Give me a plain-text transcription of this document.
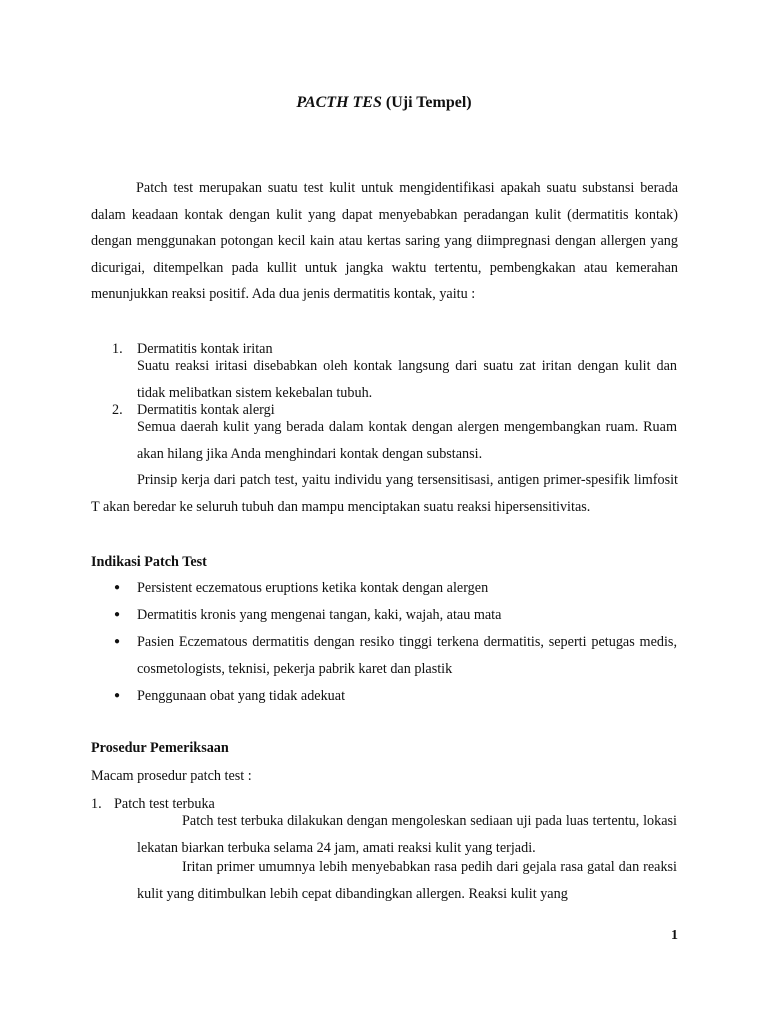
PACTH TES (Uji Tempel)
Patch test merupakan suatu test kulit untuk mengidentifikasi apakah suatu substansi berada dalam keadaan kontak dengan kulit yang dapat menyebabkan peradangan kulit (dermatitis kontak) dengan menggunakan potongan kecil kain atau kertas saring yang diimpregnasi dengan allergen yang dicurigai, ditempelkan pada kullit untuk jangka waktu tertentu, pembengkakan atau kemerahan menunjukkan reaksi positif. Ada dua jenis dermatitis kontak, yaitu :
1. Dermatitis kontak iritan
Suatu reaksi iritasi disebabkan oleh kontak langsung dari suatu zat iritan dengan kulit dan tidak melibatkan sistem kekebalan tubuh.
2. Dermatitis kontak alergi
Semua daerah kulit yang berada dalam kontak dengan alergen mengembangkan ruam. Ruam akan hilang jika Anda menghindari kontak dengan substansi.
Prinsip kerja dari patch test, yaitu individu yang tersensitisasi, antigen primer-spesifik limfosit T akan beredar ke seluruh tubuh dan mampu menciptakan suatu reaksi hipersensitivitas.
Indikasi Patch Test
● Persistent eczematous eruptions ketika kontak dengan alergen
● Dermatitis kronis yang mengenai tangan, kaki, wajah, atau mata
● Pasien Eczematous dermatitis dengan resiko tinggi terkena dermatitis, seperti petugas medis, cosmetologists, teknisi, pekerja pabrik karet dan plastik
● Penggunaan obat yang tidak adekuat
Prosedur Pemeriksaan
Macam prosedur patch test :
1. Patch test terbuka
Patch test terbuka dilakukan dengan mengoleskan sediaan uji pada luas tertentu, lokasi lekatan biarkan terbuka selama 24 jam, amati reaksi kulit yang terjadi.
Iritan primer umumnya lebih menyebabkan rasa pedih dari gejala rasa gatal dan reaksi kulit yang ditimbulkan lebih cepat dibandingkan allergen. Reaksi kulit yang
1
